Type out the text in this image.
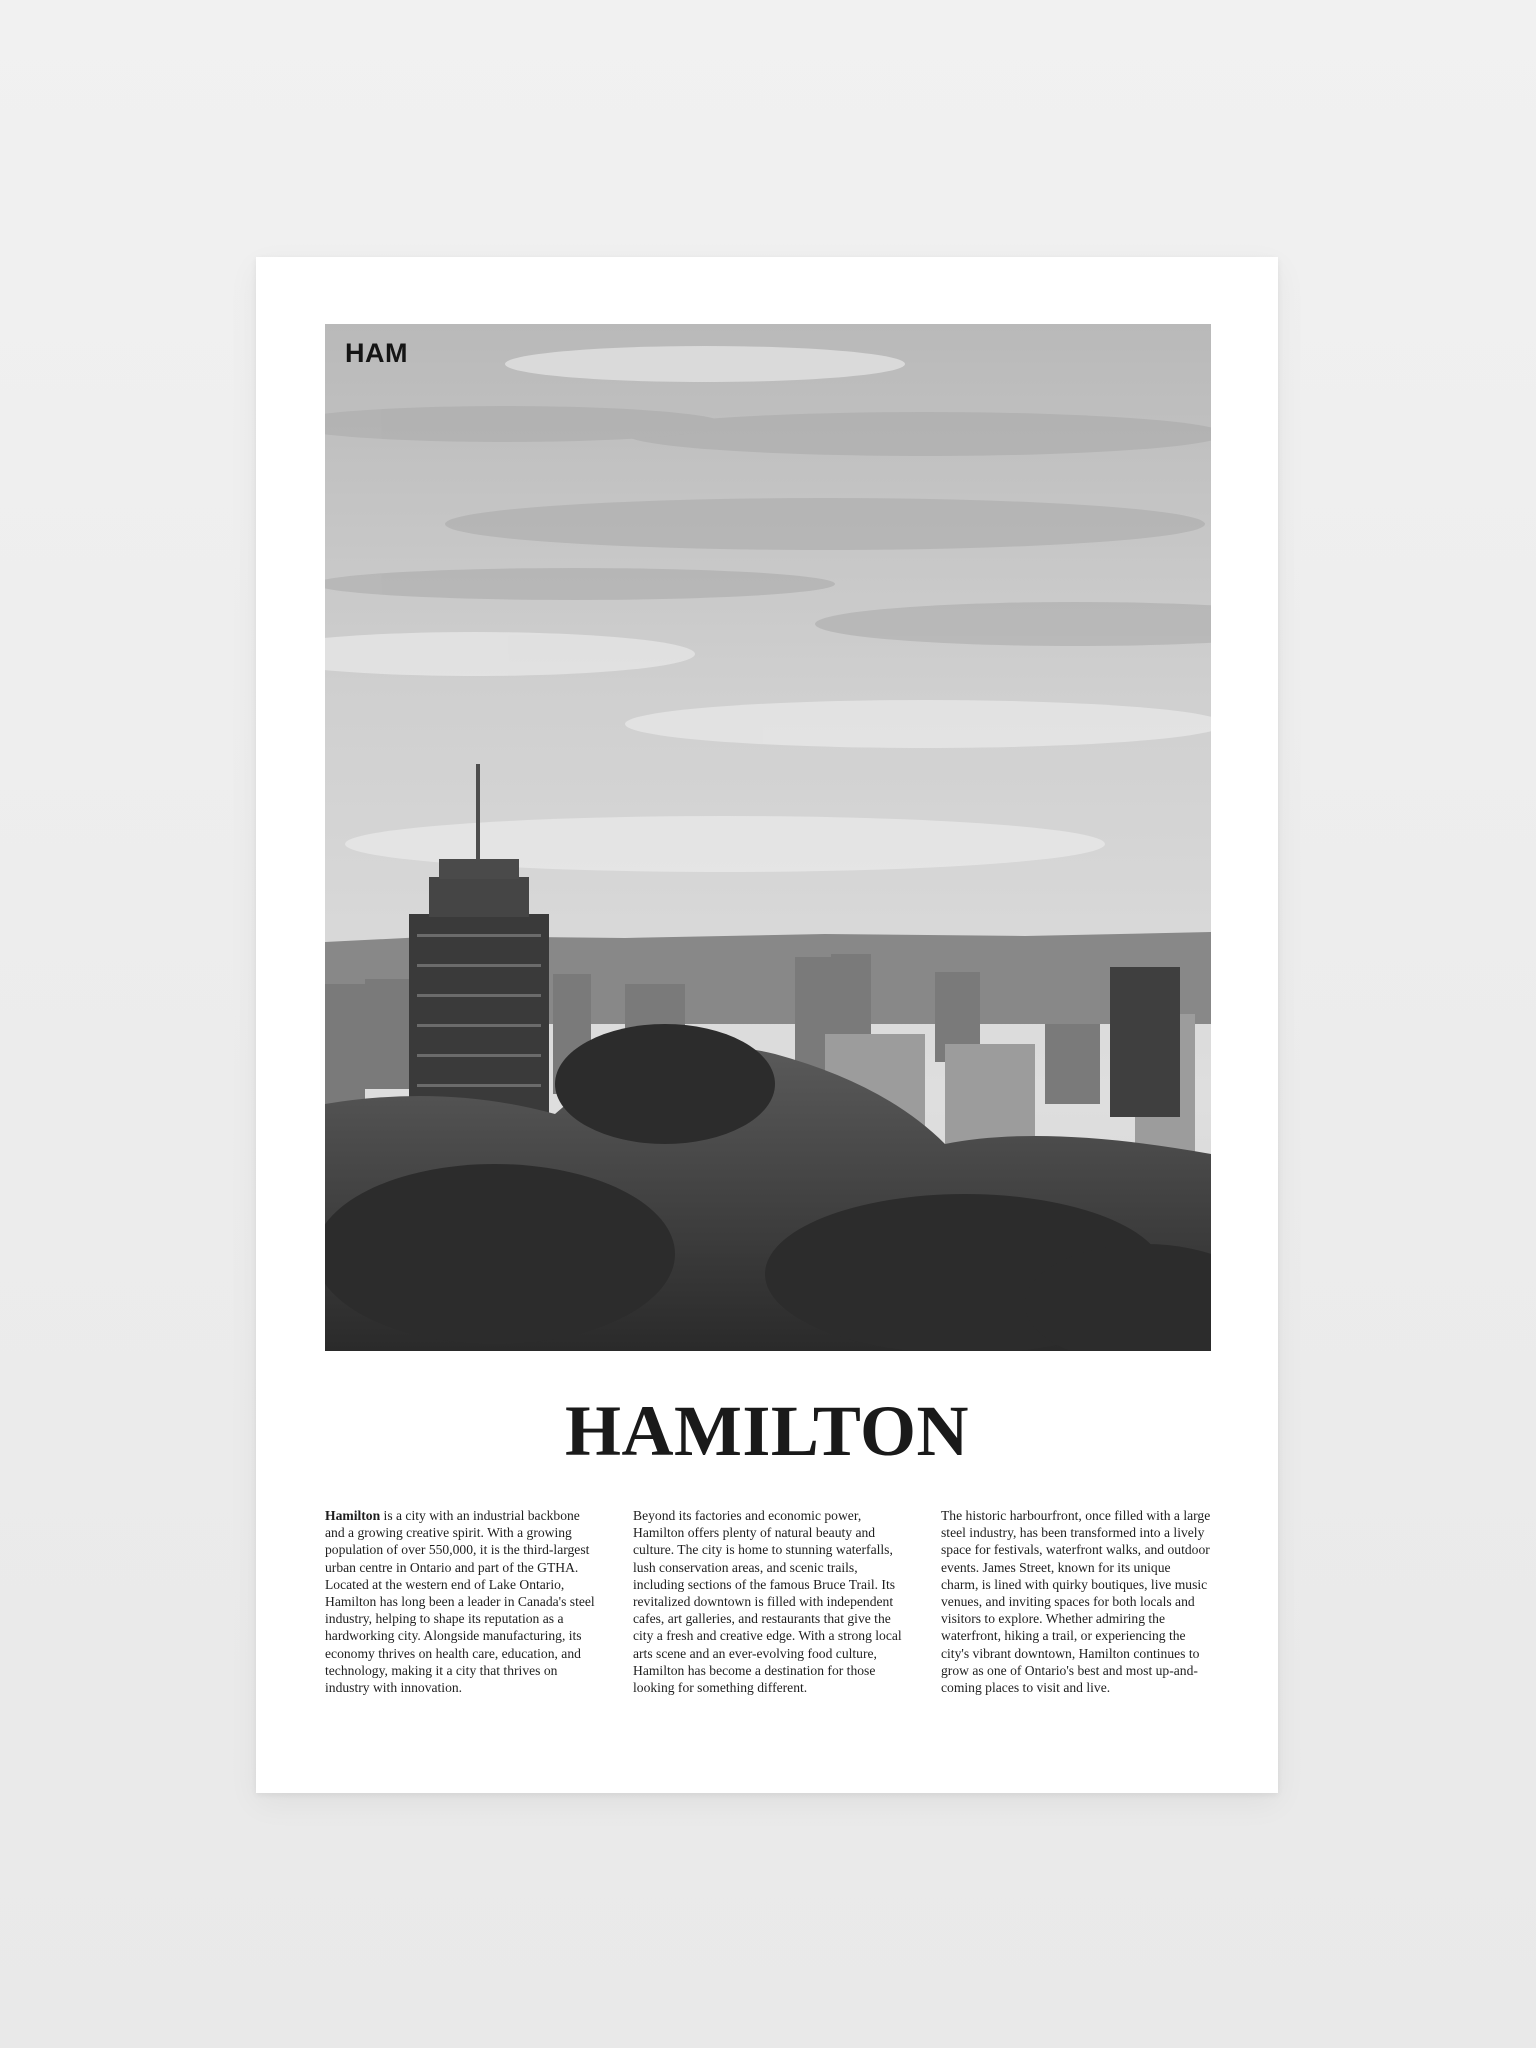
HAM
HAMILTON
Hamilton is a city with an industrial backbone and a growing creative spirit. With a growing population of over 550,000, it is the third-largest urban centre in Ontario and part of the GTHA. Located at the western end of Lake Ontario, Hamilton has long been a leader in Canada's steel industry, helping to shape its reputation as a hardworking city. Alongside manufacturing, its economy thrives on health care, education, and technology, making it a city that thrives on industry with innovation.
Beyond its factories and economic power, Hamilton offers plenty of natural beauty and culture. The city is home to stunning waterfalls, lush conservation areas, and scenic trails, including sections of the famous Bruce Trail. Its revitalized downtown is filled with independent cafes, art galleries, and restaurants that give the city a fresh and creative edge. With a strong local arts scene and an ever-evolving food culture, Hamilton has become a destination for those looking for something different.
The historic harbourfront, once filled with a large steel industry, has been transformed into a lively space for festivals, waterfront walks, and outdoor events. James Street, known for its unique charm, is lined with quirky boutiques, live music venues, and inviting spaces for both locals and visitors to explore. Whether admiring the waterfront, hiking a trail, or experiencing the city's vibrant downtown, Hamilton continues to grow as one of Ontario's best and most up-and-coming places to visit and live.
